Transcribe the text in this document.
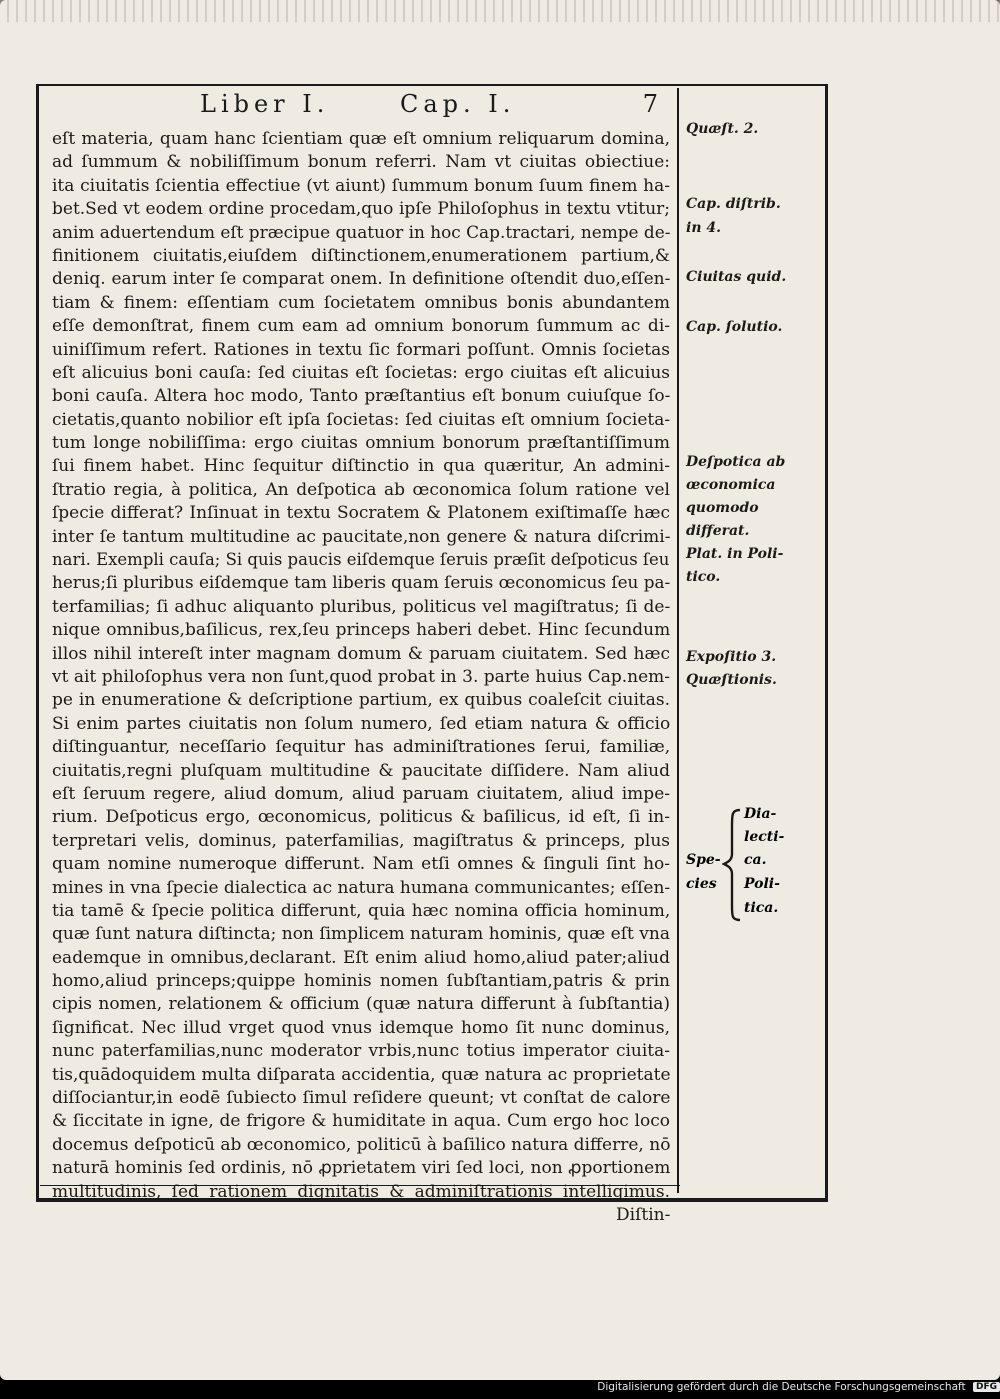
Liber I.	Cap. I.	7
eſt materia, quam hanc ſcientiam quæ eſt omnium reliquarum domina,
ad ſummum & nobiliſſimum bonum referri. Nam vt ciuitas obiectiue:
ita ciuitatis ſcientia effectiue (vt aiunt) ſummum bonum ſuum finem ha-
bet.Sed vt eodem ordine procedam,quo ipſe Philoſophus in textu vtitur;
anim aduertendum eſt præcipue quatuor in hoc Cap.tractari, nempe de-
finitionem ciuitatis,eiuſdem diſtinctionem,enumerationem partium,&
deniq. earum inter ſe comparat onem. In definitione oſtendit duo,eſſen-
tiam & finem: eſſentiam cum ſocietatem omnibus bonis abundantem
eſſe demonſtrat, finem cum eam ad omnium bonorum ſummum ac di-
uiniſſimum refert. Rationes in textu ſic formari poſſunt. Omnis ſocietas
eſt alicuius boni cauſa: ſed ciuitas eſt ſocietas: ergo ciuitas eſt alicuius
boni cauſa. Altera hoc modo, Tanto præſtantius eſt bonum cuiuſque ſo-
cietatis,quanto nobilior eſt ipſa ſocietas: ſed ciuitas eſt omnium ſocieta-
tum longe nobiliſſima: ergo ciuitas omnium bonorum præſtantiſſimum
ſui finem habet. Hinc ſequitur diſtinctio in qua quæritur, An admini-
ſtratio regia, à politica, An deſpotica ab œconomica ſolum ratione vel
ſpecie differat? Inſinuat in textu Socratem & Platonem exiſtimaſſe hæc
inter ſe tantum multitudine ac paucitate,non genere & natura diſcrimi-
nari. Exempli cauſa; Si quis paucis eiſdemque ſeruis præſit deſpoticus ſeu
herus;ſi pluribus eiſdemque tam liberis quam ſeruis œconomicus ſeu pa-
terfamilias; ſi adhuc aliquanto pluribus, politicus vel magiſtratus; ſi de-
nique omnibus,baſilicus, rex,ſeu princeps haberi debet. Hinc ſecundum
illos nihil intereſt inter magnam domum & paruam ciuitatem. Sed hæc
vt ait philoſophus vera non ſunt,quod probat in 3. parte huius Cap.nem-
pe in enumeratione & deſcriptione partium, ex quibus coaleſcit ciuitas.
Si enim partes ciuitatis non ſolum numero, ſed etiam natura & officio
diſtinguantur, neceſſario ſequitur has adminiſtrationes ſerui, familiæ,
ciuitatis,regni pluſquam multitudine & paucitate diſſidere. Nam aliud
eſt ſeruum regere, aliud domum, aliud paruam ciuitatem, aliud impe-
rium. Deſpoticus ergo, œconomicus, politicus & baſilicus, id eſt, ſi in-
terpretari velis, dominus, paterfamilias, magiſtratus & princeps, plus
quam nomine numeroque differunt. Nam etſi omnes & ſinguli ſint ho-
mines in vna ſpecie dialectica ac natura humana communicantes; eſſen-
tia tamē & ſpecie politica differunt, quia hæc nomina officia hominum,
quæ ſunt natura diſtincta; non ſimplicem naturam hominis, quæ eſt vna
eademque in omnibus,declarant. Eſt enim aliud homo,aliud pater;aliud
homo,aliud princeps;quippe hominis nomen ſubſtantiam,patris & prin
cipis nomen, relationem & officium (quæ natura differunt à ſubſtantia)
ſignificat. Nec illud vrget quod vnus idemque homo ſit nunc dominus,
nunc paterfamilias,nunc moderator vrbis,nunc totius imperator ciuita-
tis,quādoquidem multa diſparata accidentia, quæ natura ac proprietate
diſſociantur,in eodē ſubiecto ſimul reſidere queunt; vt conſtat de calore
& ſiccitate in igne, de frigore & humiditate in aqua. Cum ergo hoc loco
docemus deſpoticū ab œconomico, politicū à baſilico natura differre, nō
naturā hominis ſed ordinis, nō ꝓprietatem viri ſed loci, non ꝓportionem
multitudinis, ſed rationem dignitatis & adminiſtrationis intelligimus.
Diſtin-
Quæſt. 2.
Cap. diſtrib.
in 4.
Ciuitas quid.
Cap. ſolutio.
Deſpotica ab
œconomica
quomodo
differat.
Plat. in Poli-
tico.
Expoſitio 3.
Quæſtionis.
Spe-
cies
Dia-
lecti-
ca.
Poli-
tica.
Digitalisierung gefördert durch die Deutsche Forschungsgemeinschaft DFG
